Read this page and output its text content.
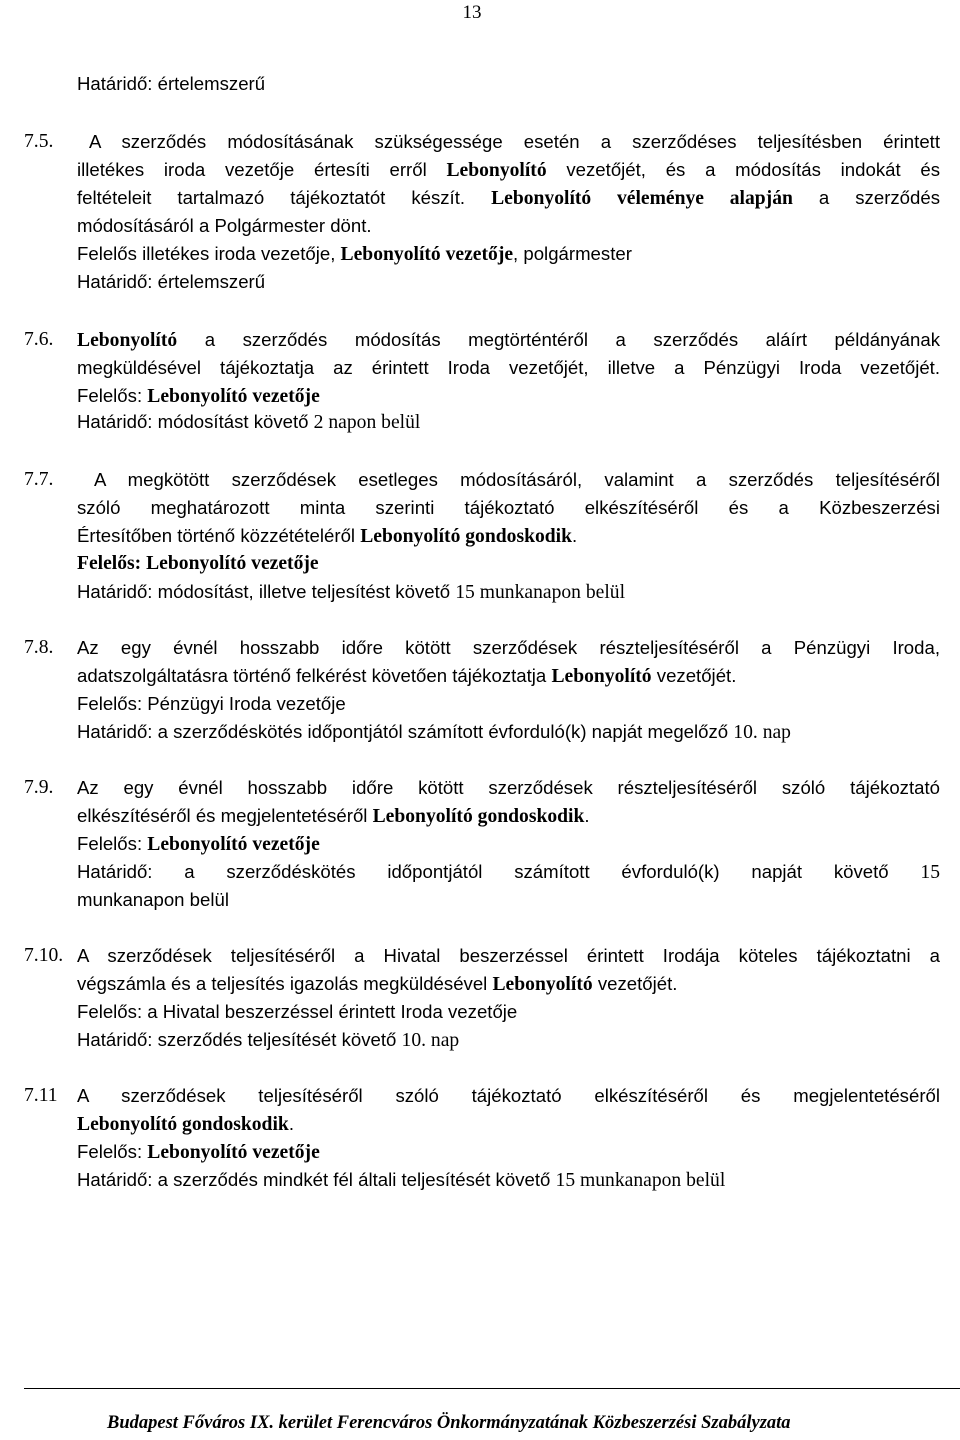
13
Határidő: értelemszerű
7.5. A szerződés módosításának szükségessége esetén a szerződéses teljesítésben érintett
illetékes iroda vezetője értesíti erről Lebonyolító vezetőjét, és a módosítás indokát és
feltételeit tartalmazó tájékoztatót készít. Lebonyolító véleménye alapján a szerződés
módosításáról a Polgármester dönt.
Felelős illetékes iroda vezetője, Lebonyolító vezetője, polgármester
Határidő: értelemszerű
7.6. Lebonyolító a szerződés módosítás megtörténtéről a szerződés aláírt példányának
megküldésével tájékoztatja az érintett Iroda vezetőjét, illetve a Pénzügyi Iroda vezetőjét.
Felelős: Lebonyolító vezetője
Határidő: módosítást követő 2 napon belül
7.7. A megkötött szerződések esetleges módosításáról, valamint a szerződés teljesítéséről
szóló meghatározott minta szerinti tájékoztató elkészítéséről és a Közbeszerzési
Értesítőben történő közzétételéről Lebonyolító gondoskodik.
Felelős: Lebonyolító vezetője
Határidő: módosítást, illetve teljesítést követő 15 munkanapon belül
7.8. Az egy évnél hosszabb időre kötött szerződések részteljesítéséről a Pénzügyi Iroda,
adatszolgáltatásra történő felkérést követően tájékoztatja Lebonyolító vezetőjét.
Felelős: Pénzügyi Iroda vezetője
Határidő: a szerződéskötés időpontjától számított évforduló(k) napját megelőző 10. nap
7.9. Az egy évnél hosszabb időre kötött szerződések részteljesítéséről szóló tájékoztató
elkészítéséről és megjelentetéséről Lebonyolító gondoskodik.
Felelős: Lebonyolító vezetője
Határidő: a szerződéskötés időpontjától számított évforduló(k) napját követő 15
munkanapon belül
7.10. A szerződések teljesítéséről a Hivatal beszerzéssel érintett Irodája köteles tájékoztatni a
végszámla és a teljesítés igazolás megküldésével Lebonyolító vezetőjét.
Felelős: a Hivatal beszerzéssel érintett Iroda vezetője
Határidő: szerződés teljesítését követő 10. nap
7.11 A szerződések teljesítéséről szóló tájékoztató elkészítéséről és megjelentetéséről
Lebonyolító gondoskodik.
Felelős: Lebonyolító vezetője
Határidő: a szerződés mindkét fél általi teljesítését követő 15 munkanapon belül
Budapest Főváros IX. kerület Ferencváros Önkormányzatának Közbeszerzési Szabályzata
